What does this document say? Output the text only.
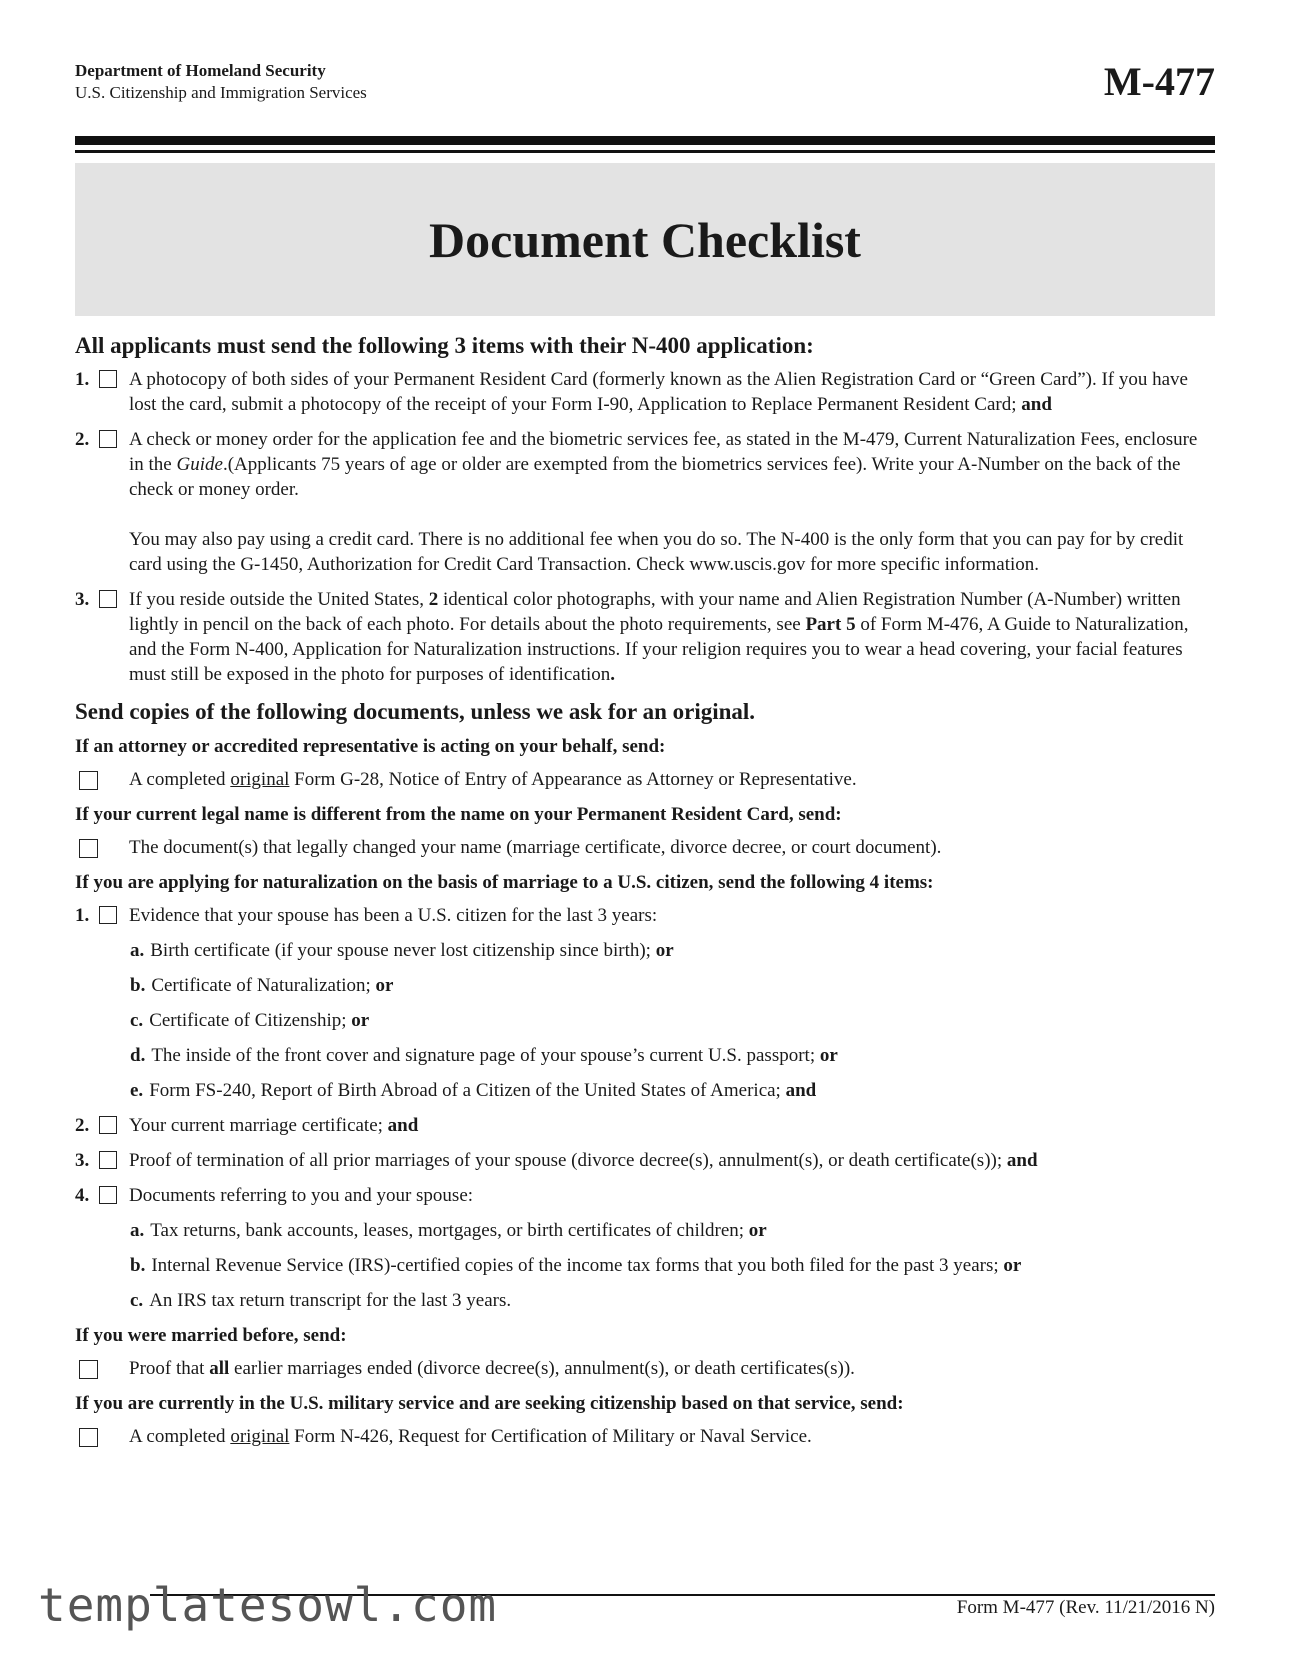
Department of Homeland Security
U.S. Citizenship and Immigration Services	M-477
Document Checklist
All applicants must send the following 3 items with their N-400 application:
1. A photocopy of both sides of your Permanent Resident Card (formerly known as the Alien Registration Card or “Green Card”). If you have lost the card, submit a photocopy of the receipt of your Form I-90, Application to Replace Permanent Resident Card; and
2. A check or money order for the application fee and the biometric services fee, as stated in the M-479, Current Naturalization Fees, enclosure in the Guide.(Applicants 75 years of age or older are exempted from the biometrics services fee). Write your A-Number on the back of the check or money order.
You may also pay using a credit card. There is no additional fee when you do so. The N-400 is the only form that you can pay for by credit card using the G-1450, Authorization for Credit Card Transaction. Check www.uscis.gov for more specific information.
3. If you reside outside the United States, 2 identical color photographs, with your name and Alien Registration Number (A-Number) written lightly in pencil on the back of each photo. For details about the photo requirements, see Part 5 of Form M-476, A Guide to Naturalization, and the Form N-400, Application for Naturalization instructions. If your religion requires you to wear a head covering, your facial features must still be exposed in the photo for purposes of identification.
Send copies of the following documents, unless we ask for an original.
If an attorney or accredited representative is acting on your behalf, send:
A completed original Form G-28, Notice of Entry of Appearance as Attorney or Representative.
If your current legal name is different from the name on your Permanent Resident Card, send:
The document(s) that legally changed your name (marriage certificate, divorce decree, or court document).
If you are applying for naturalization on the basis of marriage to a U.S. citizen, send the following 4 items:
1. Evidence that your spouse has been a U.S. citizen for the last 3 years:
a. Birth certificate (if your spouse never lost citizenship since birth); or
b. Certificate of Naturalization; or
c. Certificate of Citizenship; or
d. The inside of the front cover and signature page of your spouse’s current U.S. passport; or
e. Form FS-240, Report of Birth Abroad of a Citizen of the United States of America; and
2. Your current marriage certificate; and
3. Proof of termination of all prior marriages of your spouse (divorce decree(s), annulment(s), or death certificate(s)); and
4. Documents referring to you and your spouse:
a. Tax returns, bank accounts, leases, mortgages, or birth certificates of children; or
b. Internal Revenue Service (IRS)-certified copies of the income tax forms that you both filed for the past 3 years; or
c. An IRS tax return transcript for the last 3 years.
If you were married before, send:
Proof that all earlier marriages ended (divorce decree(s), annulment(s), or death certificates(s)).
If you are currently in the U.S. military service and are seeking citizenship based on that service, send:
A completed original Form N-426, Request for Certification of Military or Naval Service.
templatesowl.com	Form M-477 (Rev. 11/21/2016 N)
